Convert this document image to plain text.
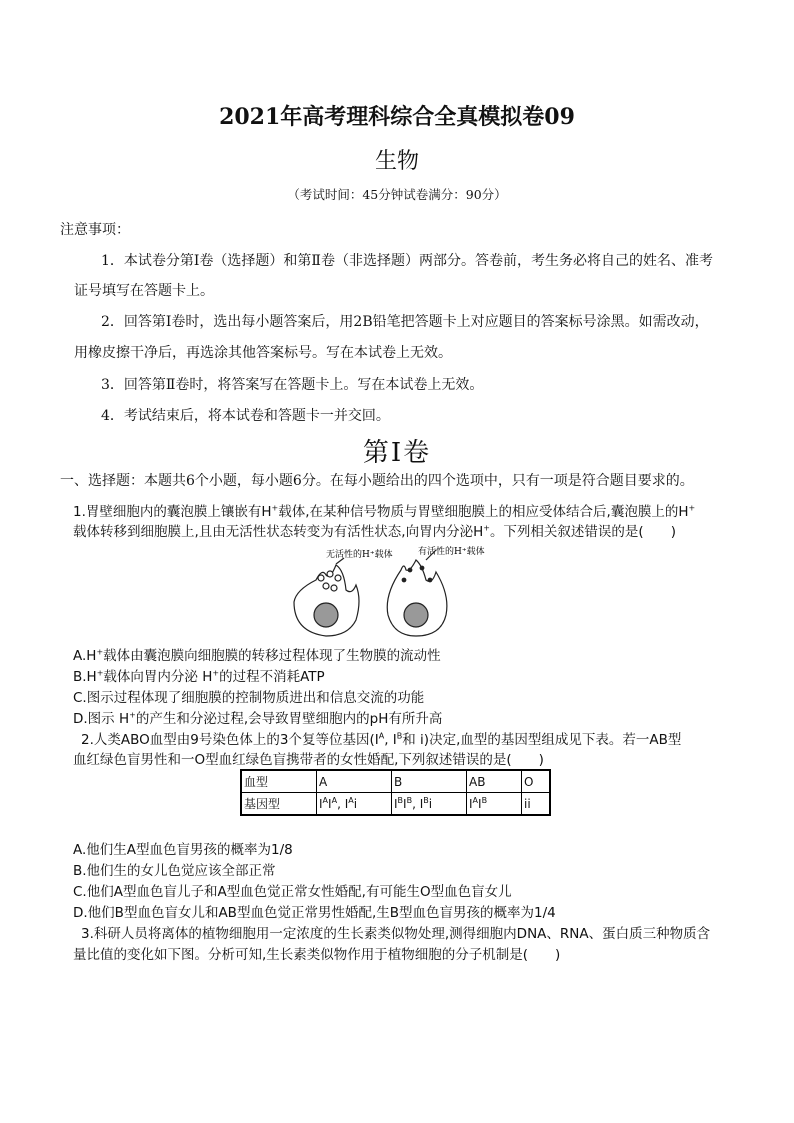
2021年高考理科综合全真模拟卷09
生物
（考试时间：45分钟试卷满分：90分）
注意事项：
1．本试卷分第Ⅰ卷（选择题）和第Ⅱ卷（非选择题）两部分。答卷前，考生务必将自己的姓名、准考
证号填写在答题卡上。
2．回答第Ⅰ卷时，选出每小题答案后，用2B铅笔把答题卡上对应题目的答案标号涂黑。如需改动，
用橡皮擦干净后，再选涂其他答案标号。写在本试卷上无效。
3．回答第Ⅱ卷时，将答案写在答题卡上。写在本试卷上无效。
4．考试结束后，将本试卷和答题卡一并交回。
第Ⅰ卷
一、选择题：本题共6个小题，每小题6分。在每小题给出的四个选项中，只有一项是符合题目要求的。
1.胃壁细胞内的囊泡膜上镶嵌有H+载体,在某种信号物质与胃壁细胞膜上的相应受体结合后,囊泡膜上的H+
载体转移到细胞膜上,且由无活性状态转变为有活性状态,向胃内分泌H+。下列相关叙述错误的是(　　)
无活性的H⁺载体	有活性的H⁺载体
A.H+载体由囊泡膜向细胞膜的转移过程体现了生物膜的流动性
B.H+载体向胃内分泌 H+的过程不消耗ATP
C.图示过程体现了细胞膜的控制物质进出和信息交流的功能
D.图示 H+的产生和分泌过程,会导致胃壁细胞内的pH有所升高
2.人类ABO血型由9号染色体上的3个复等位基因($I^A$, $I^B$和 i)决定,血型的基因型组成见下表。若一AB型
血红绿色盲男性和一O型血红绿色盲携带者的女性婚配,下列叙述错误的是(　　)
血型	A	B	AB	O
基因型	$I^AI^A$, $I^Ai$	$I^BI^B$, $I^Bi$	$I^AI^B$	ii
A.他们生A型血色盲男孩的概率为1/8
B.他们生的女儿色觉应该全部正常
C.他们A型血色盲儿子和A型血色觉正常女性婚配,有可能生O型血色盲女儿
D.他们B型血色盲女儿和AB型血色觉正常男性婚配,生B型血色盲男孩的概率为1/4
3.科研人员将离体的植物细胞用一定浓度的生长素类似物处理,测得细胞内DNA、RNA、蛋白质三种物质含
量比值的变化如下图。分析可知,生长素类似物作用于植物细胞的分子机制是(　　)
